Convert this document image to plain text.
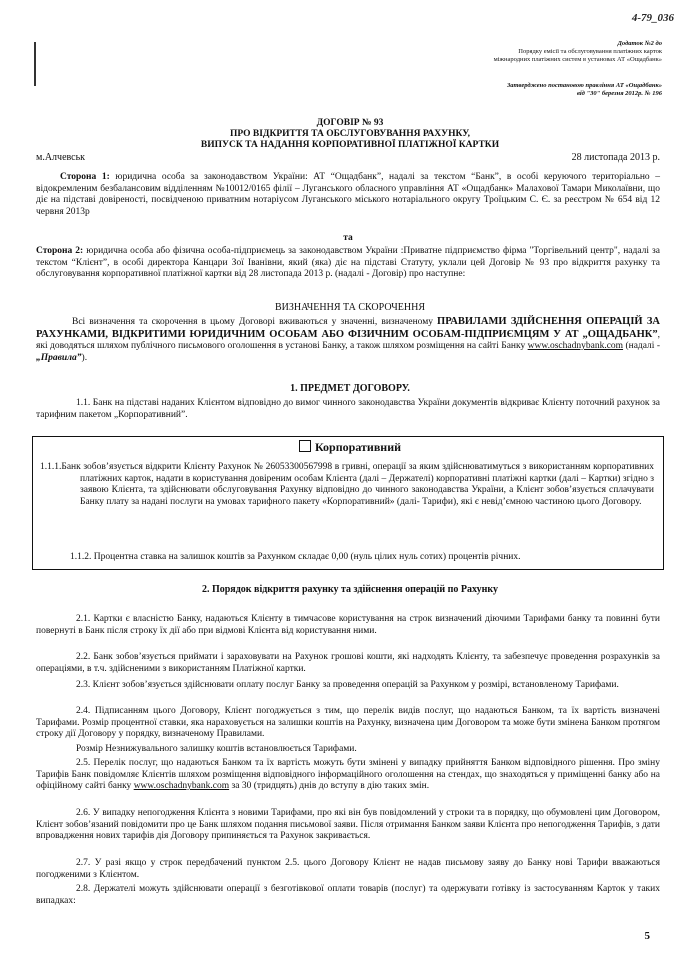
4-79_036
Додаток №2 до
Порядку емісії та обслуговування платіжних карток
міжнародних платіжних систем в установах АТ «Ощадбанк»
Затверджено постановою правління АТ «Ощадбанк»
від "30" березня 2012р. № 196
ДОГОВІР № 93
ПРО ВІДКРИТТЯ ТА ОБСЛУГОВУВАННЯ РАХУНКУ,
ВИПУСК ТА НАДАННЯ КОРПОРАТИВНОЇ ПЛАТІЖНОЇ КАРТКИ
м.Алчевськ	28 листопада 2013 р.
Сторона 1: юридична особа за законодавством України: АТ “Ощадбанк”, надалі за текстом “Банк”, в особі керуючого територіально – відокремленим безбалансовим відділенням №10012/0165 філії – Луганського обласного управління АТ «Ощадбанк» Малахової Тамари Миколаївни, що діє на підставі довіреності, посвідченою приватним нотаріусом Луганського міського нотаріального округу Троїцьким С. Є. за реєстром № 654 від 12 червня 2013р
та
Сторона 2: юридична особа або фізична особа-підприємець за законодавством України :Приватне підприємство фірма "Торгівельний центр", надалі за текстом “Клієнт”, в особі директора Канцари Зої Іванівни, який (яка) діє на підставі Статуту, уклали цей Договір № 93 про відкриття рахунку та обслуговування корпоративної платіжної картки від 28 листопада 2013 р. (надалі - Договір) про наступне:
ВИЗНАЧЕННЯ ТА СКОРОЧЕННЯ
Всі визначення та скорочення в цьому Договорі вживаються у значенні, визначеному ПРАВИЛАМИ ЗДІЙСНЕННЯ ОПЕРАЦІЙ ЗА РАХУНКАМИ, ВІДКРИТИМИ ЮРИДИЧНИМ ОСОБАМ АБО ФІЗИЧНИМ ОСОБАМ-ПІДПРИЄМЦЯМ У АТ „ОЩАДБАНК”, які доводяться шляхом публічного письмового оголошення в установі Банку, а також шляхом розміщення на сайті Банку www.oschadnybank.com (надалі - „Правила”).
1. ПРЕДМЕТ ДОГОВОРУ.
1.1. Банк на підставі наданих Клієнтом відповідно до вимог чинного законодавства України документів відкриває Клієнту поточний рахунок за тарифним пакетом „Корпоративний”.
Корпоративний
1.1.1.Банк зобов’язується відкрити Клієнту Рахунок № 26053300567998 в гривні, операції за яким здійснюватимуться з використанням корпоративних платіжних карток, надати в користування довіреним особам Клієнта (далі – Держателі) корпоративні платіжні картки (далі – Картки) згідно з заявою Клієнта, та здійснювати обслуговування Рахунку відповідно до чинного законодавства України, а Клієнт зобов’язується сплачувати Банку плату за надані послуги на умовах тарифного пакету «Корпоративний» (далі- Тарифи), які є невід’ємною частиною цього Договору.
1.1.2. Процентна ставка на залишок коштів за Рахунком складає 0,00 (нуль цілих нуль сотих) процентів річних.
2. Порядок відкриття рахунку та здійснення операцій по Рахунку
2.1. Картки є власністю Банку, надаються Клієнту в тимчасове користування на строк визначений діючими Тарифами банку та повинні бути повернуті в Банк після строку їх дії або при відмові Клієнта від користування ними.
2.2. Банк зобов’язується приймати і зараховувати на Рахунок грошові кошти, які надходять Клієнту, та забезпечує проведення розрахунків за операціями, в т.ч. здійсненими з використанням Платіжної картки.
2.3. Клієнт зобов’язується здійснювати оплату послуг Банку за проведення операцій за Рахунком у розмірі, встановленому Тарифами.
2.4. Підписанням цього Договору, Клієнт погоджується з тим, що перелік видів послуг, що надаються Банком, та їх вартість визначені Тарифами. Розмір процентної ставки, яка нараховується на залишки коштів на Рахунку, визначена цим Договором та може бути змінена Банком протягом строку дії Договору у порядку, визначеному Правилами.
Розмір Незнижувального залишку коштів встановлюється Тарифами.
2.5. Перелік послуг, що надаються Банком та їх вартість можуть бути змінені у випадку прийняття Банком відповідного рішення. Про зміну Тарифів Банк повідомляє Клієнтів шляхом розміщення відповідного інформаційного оголошення на стендах, що знаходяться у приміщенні банку або на офіційному сайті банку www.oschadnybank.com за 30 (тридцять) днів до вступу в дію таких змін.
2.6. У випадку непогодження Клієнта з новими Тарифами, про які він був повідомлений у строки та в порядку, що обумовлені цим Договором, Клієнт зобов’язаний повідомити про це Банк шляхом подання письмової заяви. Після отримання Банком заяви Клієнта про непогодження Тарифів, з дати впровадження нових тарифів дія Договору припиняється та Рахунок закривається.
2.7. У разі якщо у строк передбачений пунктом 2.5. цього Договору Клієнт не надав письмову заяву до Банку нові Тарифи вважаються погодженими з Клієнтом.
2.8. Держателі можуть здійснювати операції з безготівкової оплати товарів (послуг) та одержувати готівку із застосуванням Карток у таких випадках:
5
